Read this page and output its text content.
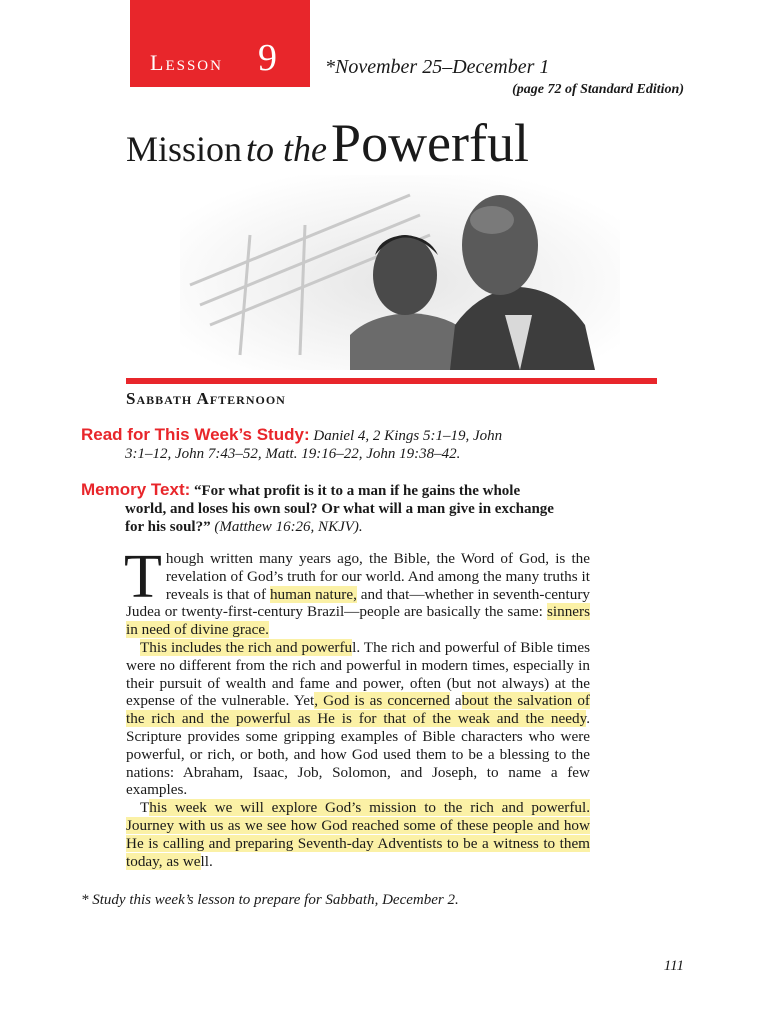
Lesson 9 *November 25–December 1
(page 72 of Standard Edition)
Mission to the Powerful
Sabbath Afternoon
Read for This Week’s Study: Daniel 4, 2 Kings 5:1–19, John
3:1–12, John 7:43–52, Matt. 19:16–22, John 19:38–42.
Memory Text: “For what profit is it to a man if he gains the whole
world, and loses his own soul? Or what will a man give in exchange
for his soul?” (Matthew 16:26, NKJV).

Though written many years ago, the Bible, the Word of God, is the revelation of God’s truth for our world. And among the many truths it reveals is that of human nature, and that—whether in seventh-century Judea or twenty-first-century Brazil—people are basically the same: sinners in need of divine grace.

This includes the rich and powerful. The rich and powerful of Bible times were no different from the rich and powerful in modern times, especially in their pursuit of wealth and fame and power, often (but not always) at the expense of the vulnerable. Yet, God is as concerned about the salvation of the rich and the powerful as He is for that of the weak and the needy. Scripture provides some gripping examples of Bible characters who were powerful, or rich, or both, and how God used them to be a blessing to the nations: Abraham, Isaac, Job, Solomon, and Joseph, to name a few examples.

This week we will explore God’s mission to the rich and powerful. Journey with us as we see how God reached some of these people and how He is calling and preparing Seventh-day Adventists to be a witness to them today, as well.

* Study this week’s lesson to prepare for Sabbath, December 2.
111
